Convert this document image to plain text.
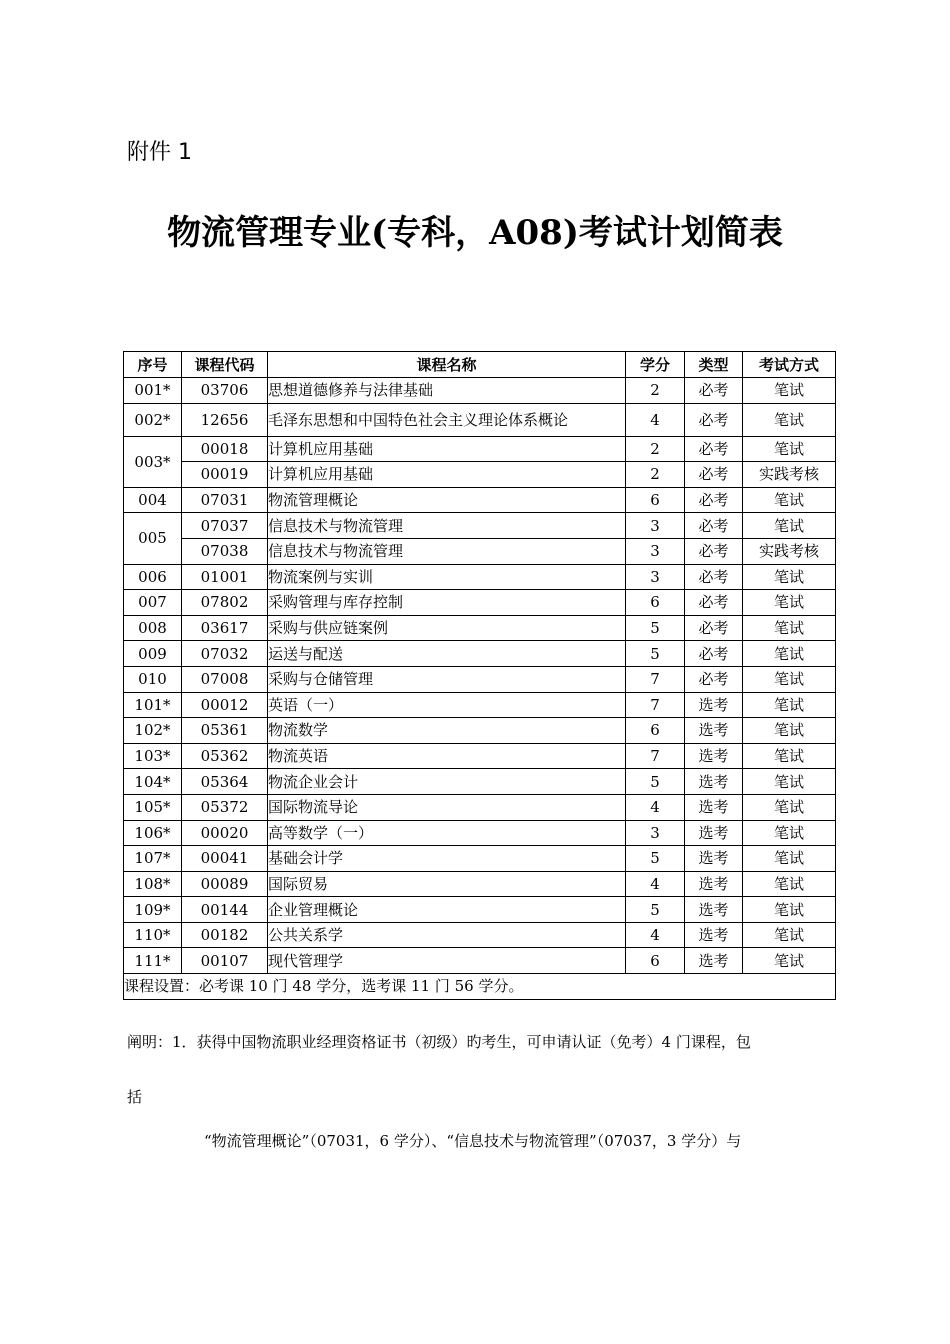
附件 1
物流管理专业(专科，A08)考试计划简表
序号	课程代码	课程名称	学分	类型	考试方式
001*	03706	思想道德修养与法律基础	2	必考	笔试
002*	12656	毛泽东思想和中国特色社会主义理论体系概论	4	必考	笔试
003*	00018	计算机应用基础	2	必考	笔试
	00019	计算机应用基础	2	必考	实践考核
004	07031	物流管理概论	6	必考	笔试
005	07037	信息技术与物流管理	3	必考	笔试
	07038	信息技术与物流管理	3	必考	实践考核
006	01001	物流案例与实训	3	必考	笔试
007	07802	采购管理与库存控制	6	必考	笔试
008	03617	采购与供应链案例	5	必考	笔试
009	07032	运送与配送	5	必考	笔试
010	07008	采购与仓储管理	7	必考	笔试
101*	00012	英语（一）	7	选考	笔试
102*	05361	物流数学	6	选考	笔试
103*	05362	物流英语	7	选考	笔试
104*	05364	物流企业会计	5	选考	笔试
105*	05372	国际物流导论	4	选考	笔试
106*	00020	高等数学（一）	3	选考	笔试
107*	00041	基础会计学	5	选考	笔试
108*	00089	国际贸易	4	选考	笔试
109*	00144	企业管理概论	5	选考	笔试
110*	00182	公共关系学	4	选考	笔试
111*	00107	现代管理学	6	选考	笔试
课程设置：必考课 10 门 48 学分，选考课 11 门 56 学分。					
阐明：1．获得中国物流职业经理资格证书（初级）旳考生，可申请认证（免考）4 门课程，包
括
“物流管理概论”（07031，6 学分）、“信息技术与物流管理”（07037，3 学分）与
